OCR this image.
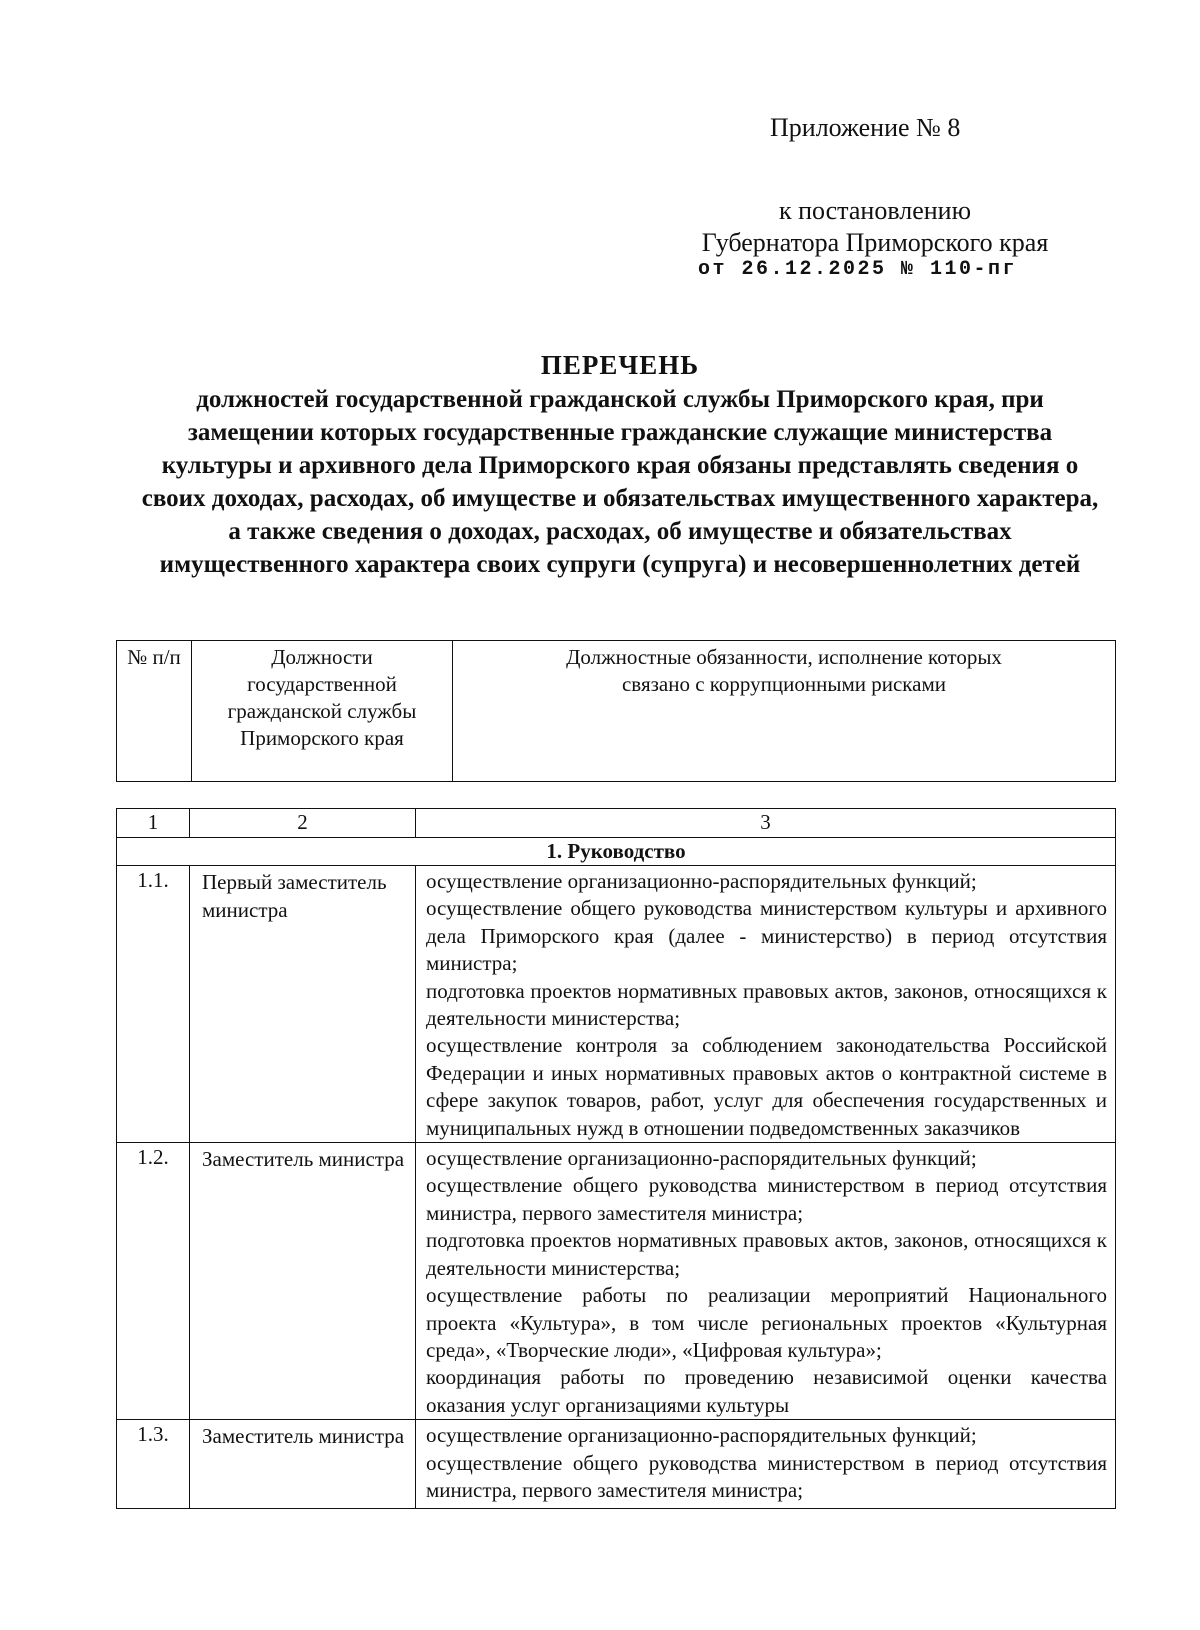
Приложение № 8
к постановлению
Губернатора Приморского края
от 26.12.2025 № 110-пг
ПЕРЕЧЕНЬ
должностей государственной гражданской службы Приморского края, при замещении которых государственные гражданские служащие министерства культуры и архивного дела Приморского края обязаны представлять сведения о своих доходах, расходах, об имуществе и обязательствах имущественного характера, а также сведения о доходах, расходах, об имуществе и обязательствах имущественного характера своих супруги (супруга) и несовершеннолетних детей
№ п/п	Должности государственной гражданской службы Приморского края	Должностные обязанности, исполнение которых связано с коррупционными рисками
1	2	3
1. Руководство		
1.1.	Первый заместитель министра	осуществление организационно-распорядительных функций;

осуществление общего руководства министерством культуры и архивного дела Приморского края (далее - министерство) в период отсутствия министра;

подготовка проектов нормативных правовых актов, законов, относящихся к деятельности министерства;

осуществление контроля за соблюдением законодательства Российской Федерации и иных нормативных правовых актов о контрактной системе в сфере закупок товаров, работ, услуг для обеспечения государственных и муниципальных нужд в отношении подведомственных заказчиков

1.2.	Заместитель министра	осуществление организационно-распорядительных функций;

осуществление общего руководства министерством в период отсутствия министра, первого заместителя министра;

подготовка проектов нормативных правовых актов, законов, относящихся к деятельности министерства;

осуществление работы по реализации мероприятий Национального проекта «Культура», в том числе региональных проектов «Культурная среда», «Творческие люди», «Цифровая культура»;

координация работы по проведению независимой оценки качества оказания услуг организациями культуры

1.3.	Заместитель министра	осуществление организационно-распорядительных функций;

осуществление общего руководства министерством в период отсутствия министра, первого заместителя министра;
